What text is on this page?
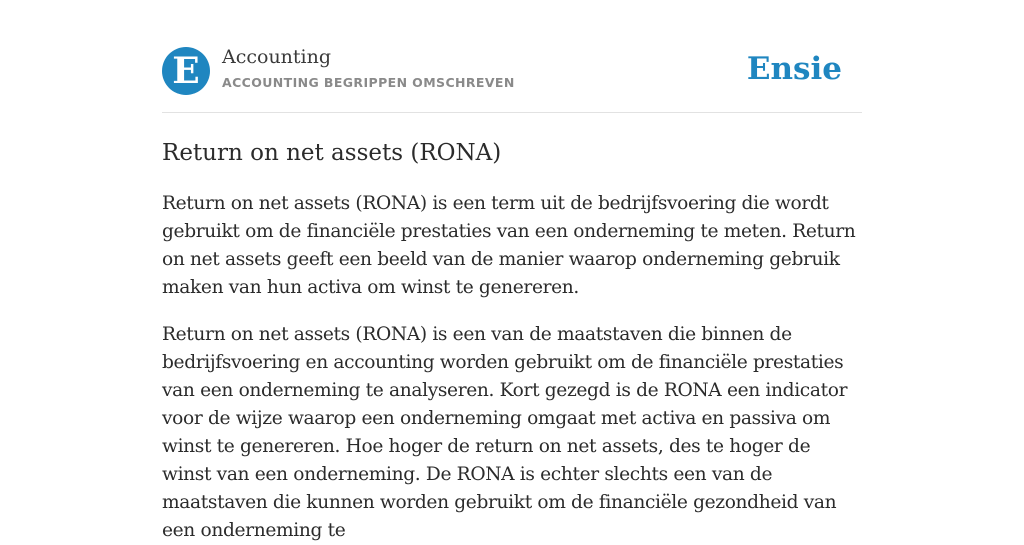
E	Accounting
ACCOUNTING BEGRIPPEN OMSCHREVEN	Ensie
Return on net assets (RONA)

Return on net assets (RONA) is een term uit de bedrijfsvoering die wordt gebruikt om de financiële prestaties van een onderneming te meten. Return on net assets geeft een beeld van de manier waarop onderneming gebruik maken van hun activa om winst te genereren.

Return on net assets (RONA) is een van de maatstaven die binnen de bedrijfsvoering en accounting worden gebruikt om de financiële prestaties van een onderneming te analyseren. Kort gezegd is de RONA een indicator voor de wijze waarop een onderneming omgaat met activa en passiva om winst te genereren. Hoe hoger de return on net assets, des te hoger de winst van een onderneming. De RONA is echter slechts een van de maatstaven die kunnen worden gebruikt om de financiële gezondheid van een onderneming te
